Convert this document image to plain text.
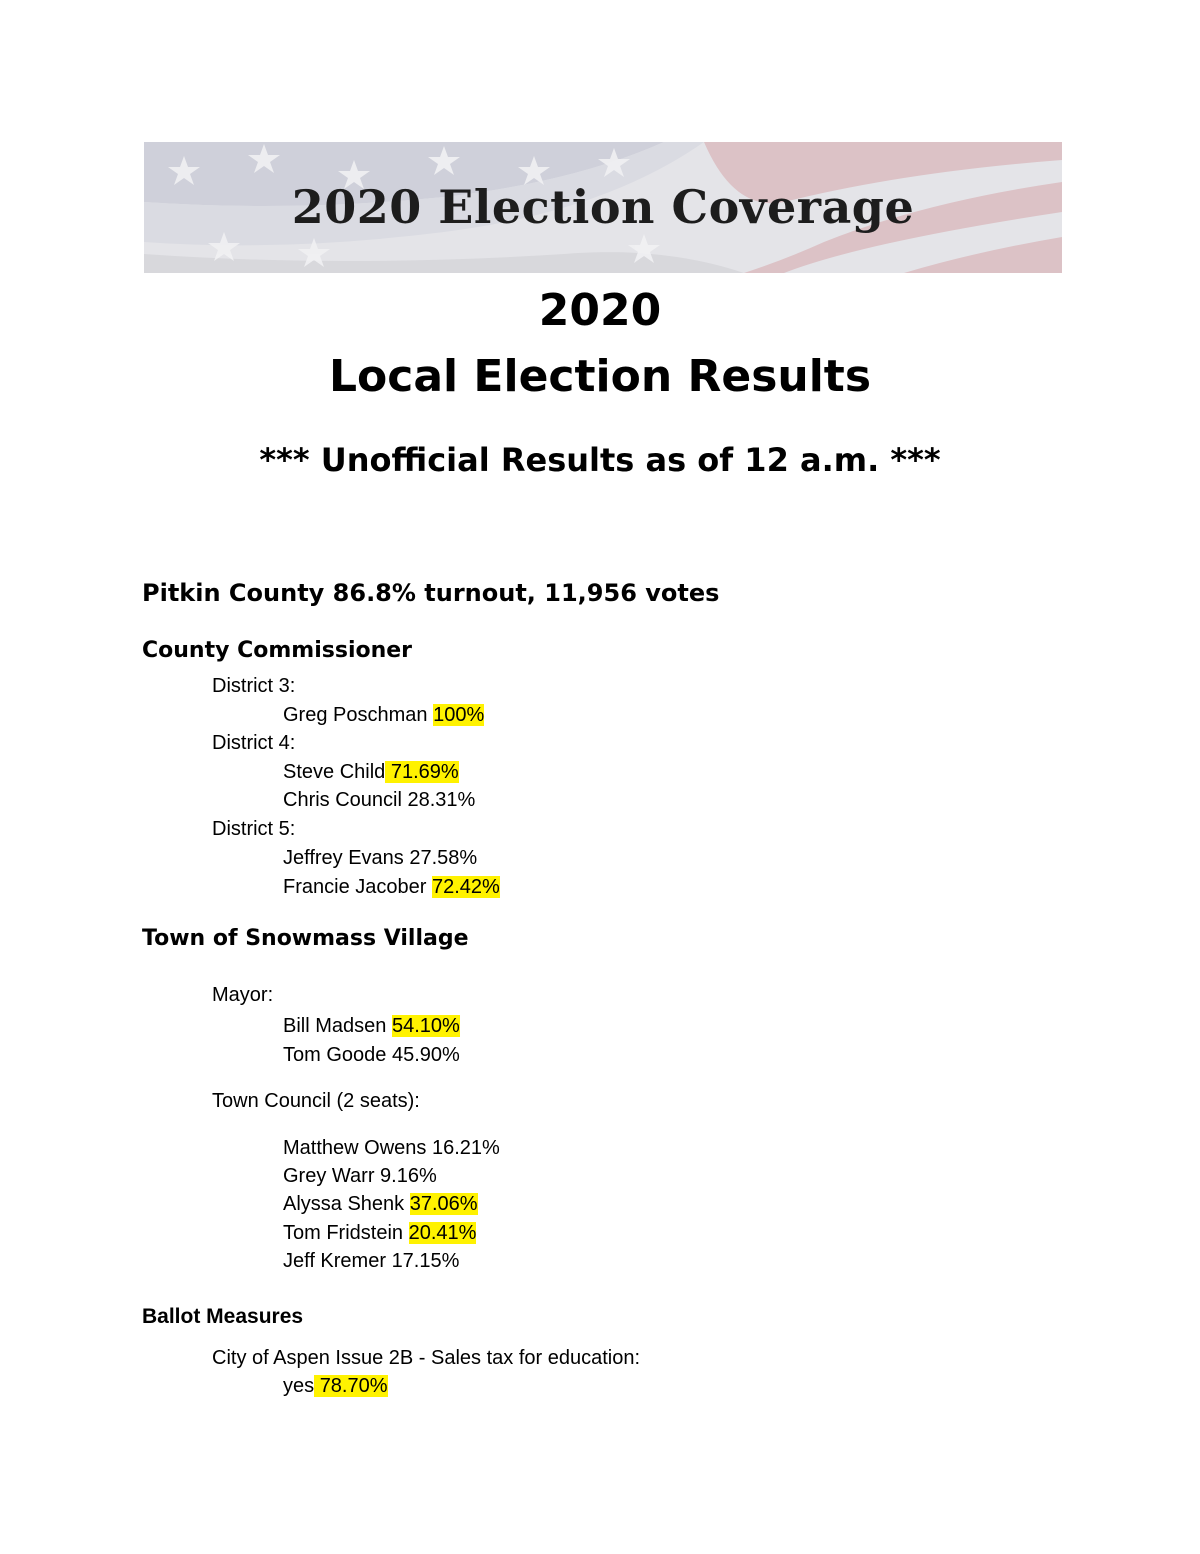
2020 Election Coverage
2020
Local Election Results
*** Unofficial Results as of 12 a.m. ***
Pitkin County 86.8% turnout, 11,956 votes
County Commissioner
District 3:
Greg Poschman 100%
District 4:
Steve Child 71.69%
Chris Council 28.31%
District 5:
Jeffrey Evans 27.58%
Francie Jacober 72.42%
Town of Snowmass Village
Mayor:
Bill Madsen 54.10%
Tom Goode 45.90%
Town Council (2 seats):
Matthew Owens 16.21%
Grey Warr 9.16%
Alyssa Shenk 37.06%
Tom Fridstein 20.41%
Jeff Kremer 17.15%
Ballot Measures
City of Aspen Issue 2B - Sales tax for education:
yes 78.70%
